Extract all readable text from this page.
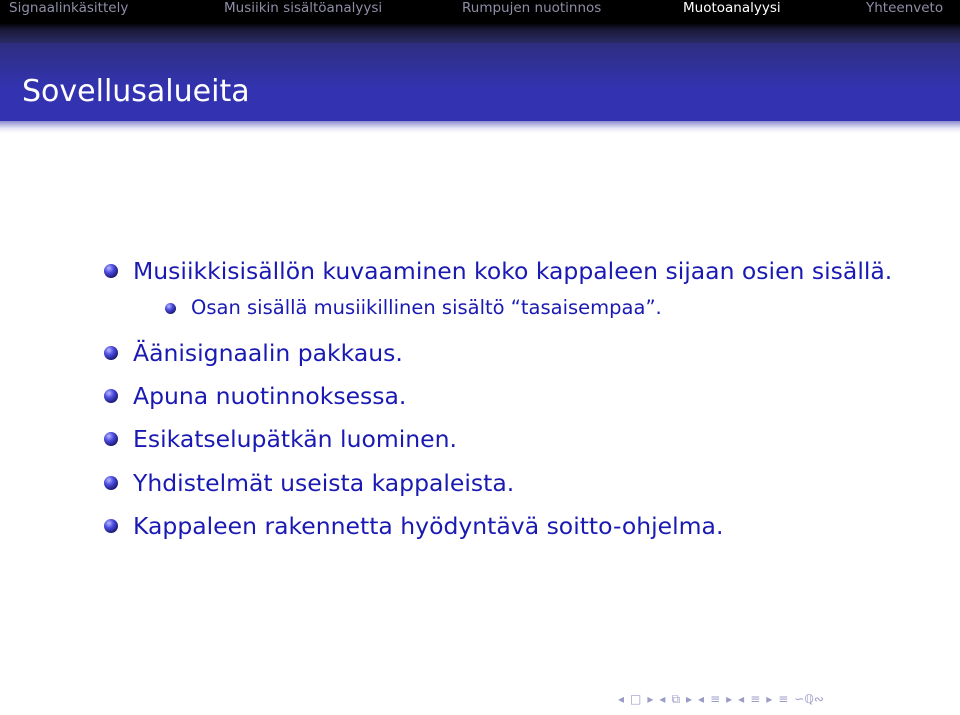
Signaalinkäsittely	Musiikin sisältöanalyysi	Rumpujen nuotinnos	Muotoanalyysi	Yhteenveto
Sovellusalueita
Musiikkisisällön kuvaaminen koko kappaleen sijaan osien sisällä.
Osan sisällä musiikillinen sisältö “tasaisempaa”.
Äänisignaalin pakkaus.
Apuna nuotinnoksessa.
Esikatselupätkän luominen.
Yhdistelmät useista kappaleista.
Kappaleen rakennetta hyödyntävä soitto-ohjelma.
◂ □ ▸ ◂ ⧉ ▸ ◂ ≡ ▸ ◂ ≡ ▸ ≡ ∽ℚ∾
